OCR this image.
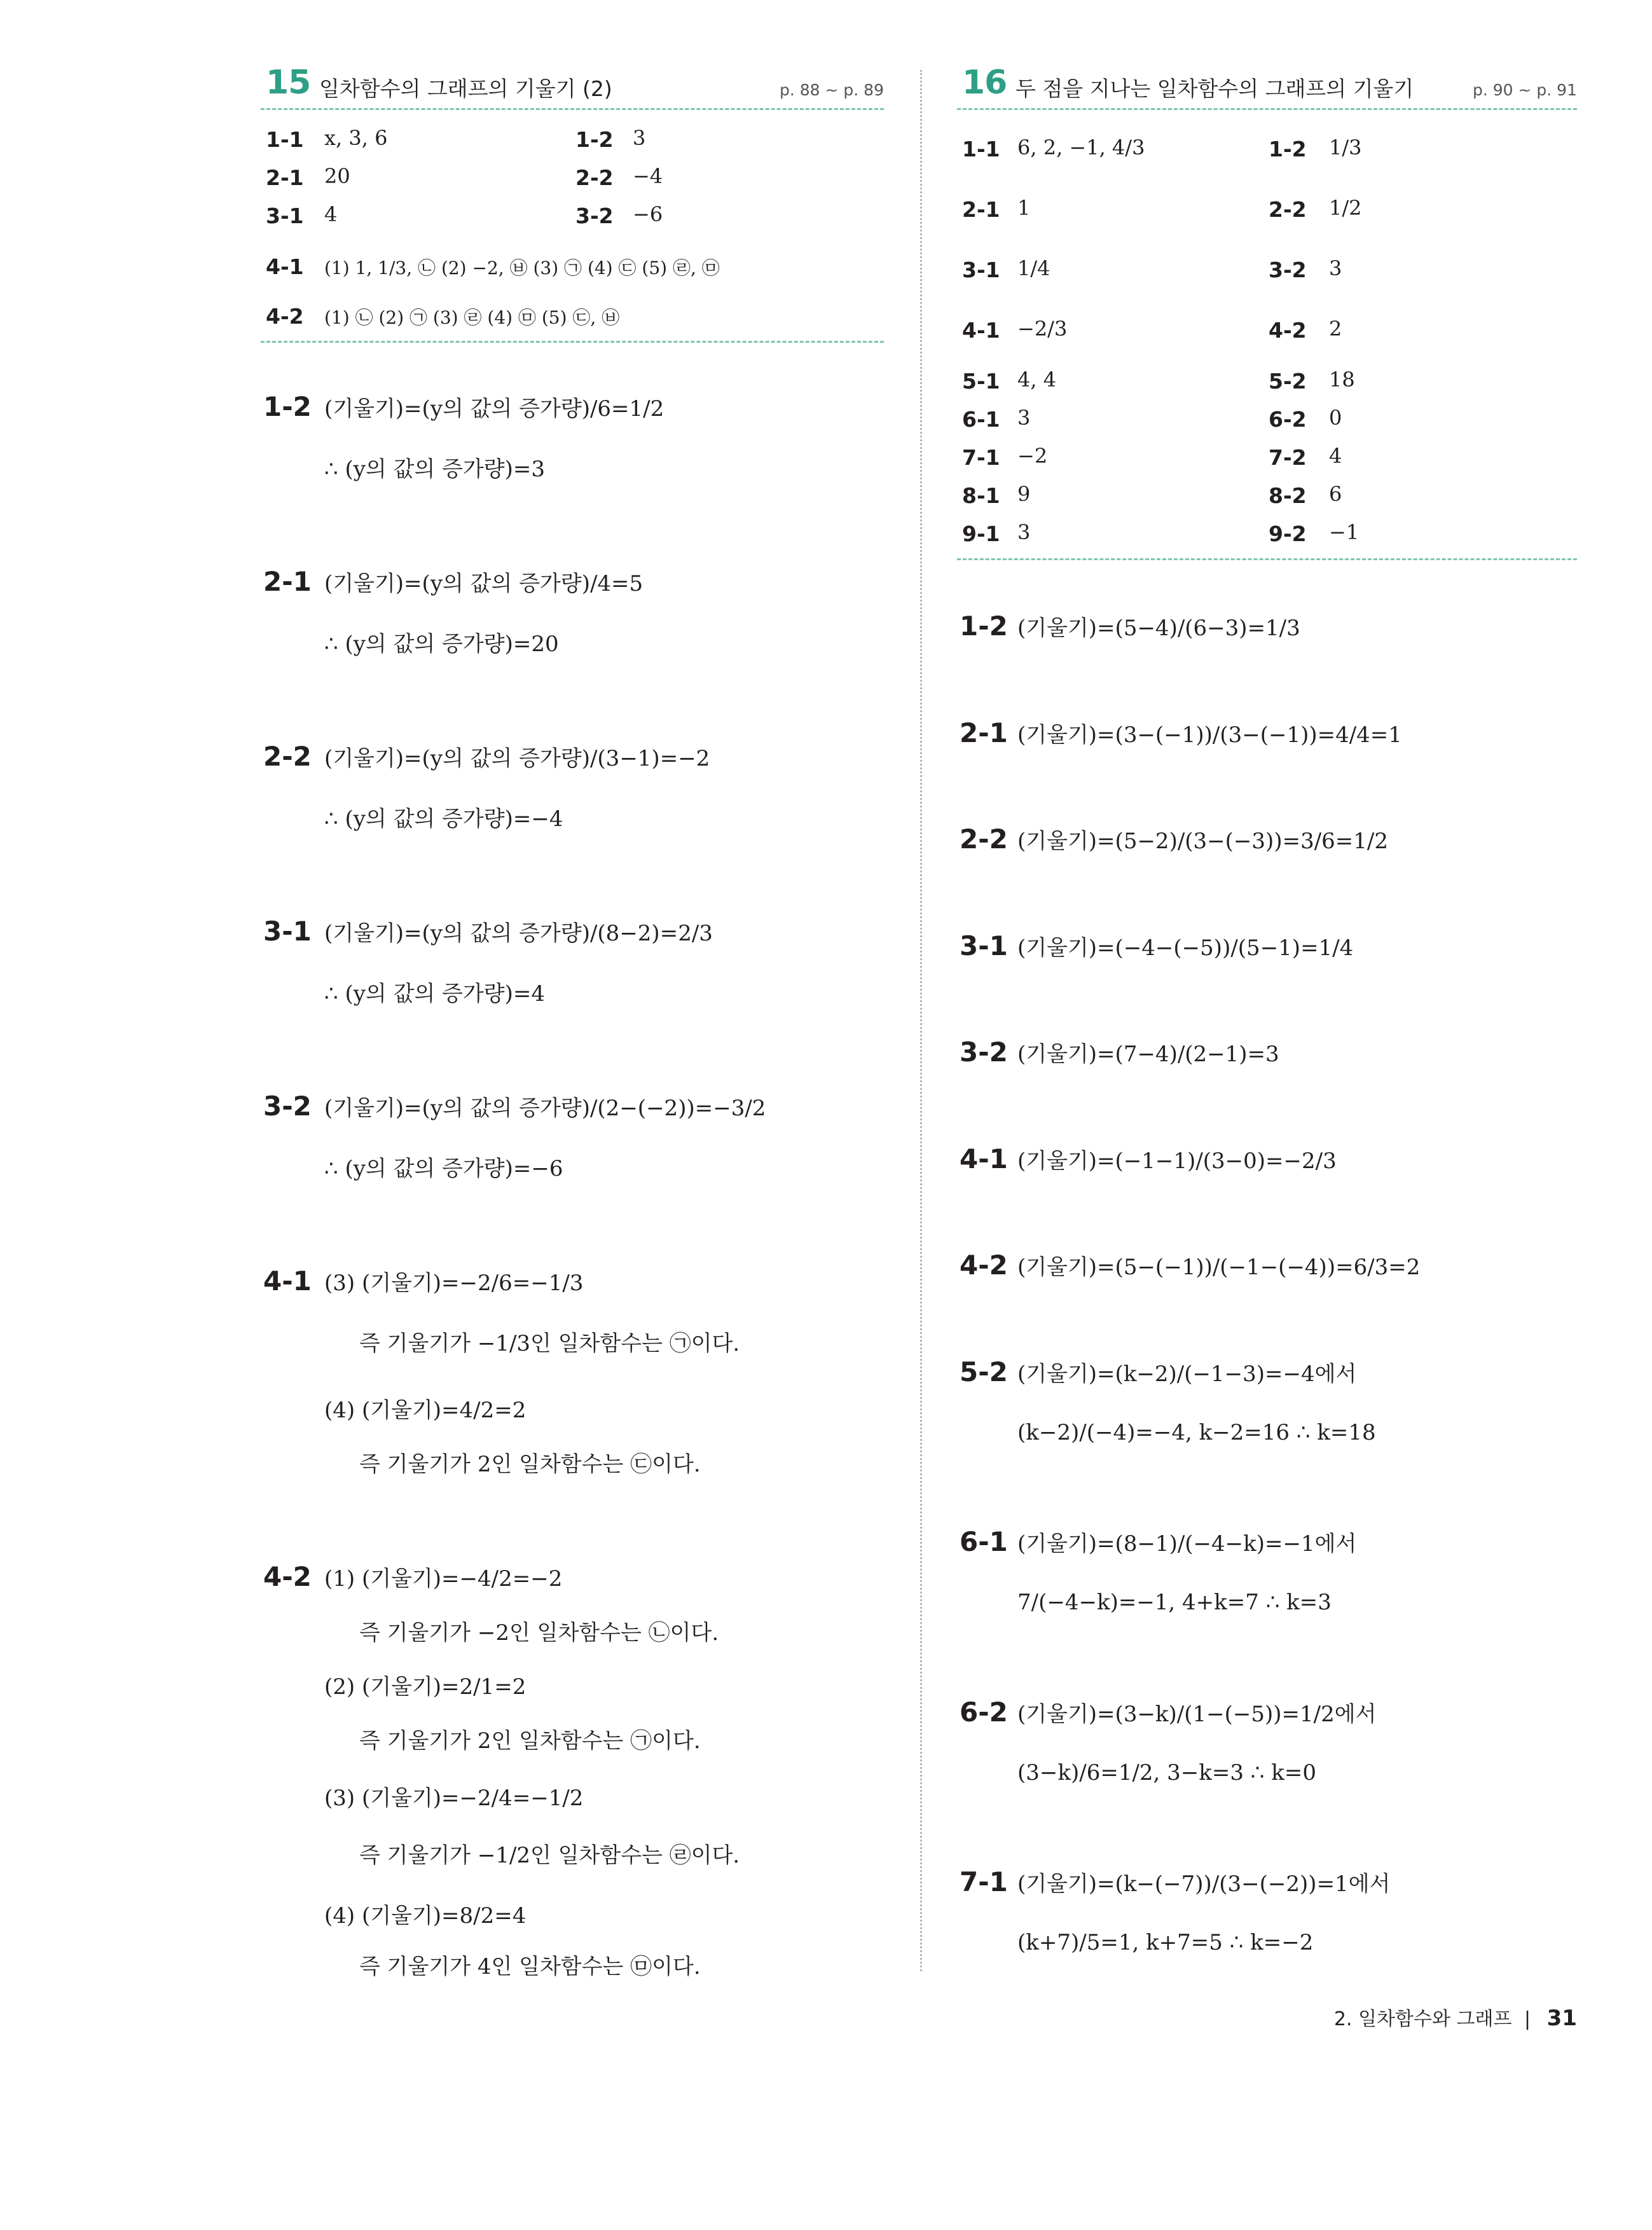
15 일차함수의 그래프의 기울기 (2)	p. 88 ~ p. 89
1-1 x, 3, 6	1-2 3
2-1 20	2-2 −4
3-1 4	3-2 −6
4-1 (1) 1, 1/3, ㉡ (2) −2, ㉥ (3) ㉠ (4) ㉢ (5) ㉣, ㉤
4-2 (1) ㉡ (2) ㉠ (3) ㉣ (4) ㉤ (5) ㉢, ㉥
1-2 (기울기)=(y의 값의 증가량)/6=1/2
∴ (y의 값의 증가량)=3
2-1 (기울기)=(y의 값의 증가량)/4=5
∴ (y의 값의 증가량)=20
2-2 (기울기)=(y의 값의 증가량)/(3−1)=−2
∴ (y의 값의 증가량)=−4
3-1 (기울기)=(y의 값의 증가량)/(8−2)=2/3
∴ (y의 값의 증가량)=4
3-2 (기울기)=(y의 값의 증가량)/(2−(−2))=−3/2
∴ (y의 값의 증가량)=−6
4-1 (3) (기울기)=−2/6=−1/3
즉 기울기가 −1/3인 일차함수는 ㉠이다.
(4) (기울기)=4/2=2
즉 기울기가 2인 일차함수는 ㉢이다.
4-2 (1) (기울기)=−4/2=−2
즉 기울기가 −2인 일차함수는 ㉡이다.
(2) (기울기)=2/1=2
즉 기울기가 2인 일차함수는 ㉠이다.
(3) (기울기)=−2/4=−1/2
즉 기울기가 −1/2인 일차함수는 ㉣이다.
(4) (기울기)=8/2=4
즉 기울기가 4인 일차함수는 ㉤이다.
16 두 점을 지나는 일차함수의 그래프의 기울기	p. 90 ~ p. 91
1-1 6, 2, −1, 4/3	1-2 1/3
2-1 1	2-2 1/2
3-1 1/4	3-2 3
4-1 −2/3	4-2 2
5-1 4, 4	5-2 18
6-1 3	6-2 0
7-1 −2	7-2 4
8-1 9	8-2 6
9-1 3	9-2 −1
1-2 (기울기)=(5−4)/(6−3)=1/3
2-1 (기울기)=(3−(−1))/(3−(−1))=4/4=1
2-2 (기울기)=(5−2)/(3−(−3))=3/6=1/2
3-1 (기울기)=(−4−(−5))/(5−1)=1/4
3-2 (기울기)=(7−4)/(2−1)=3
4-1 (기울기)=(−1−1)/(3−0)=−2/3
4-2 (기울기)=(5−(−1))/(−1−(−4))=6/3=2
5-2 (기울기)=(k−2)/(−1−3)=−4에서
(k−2)/(−4)=−4, k−2=16 ∴ k=18
6-1 (기울기)=(8−1)/(−4−k)=−1에서
7/(−4−k)=−1, 4+k=7 ∴ k=3
6-2 (기울기)=(3−k)/(1−(−5))=1/2에서
(3−k)/6=1/2, 3−k=3 ∴ k=0
7-1 (기울기)=(k−(−7))/(3−(−2))=1에서
(k+7)/5=1, k+7=5 ∴ k=−2
2. 일차함수와 그래프 | 31
